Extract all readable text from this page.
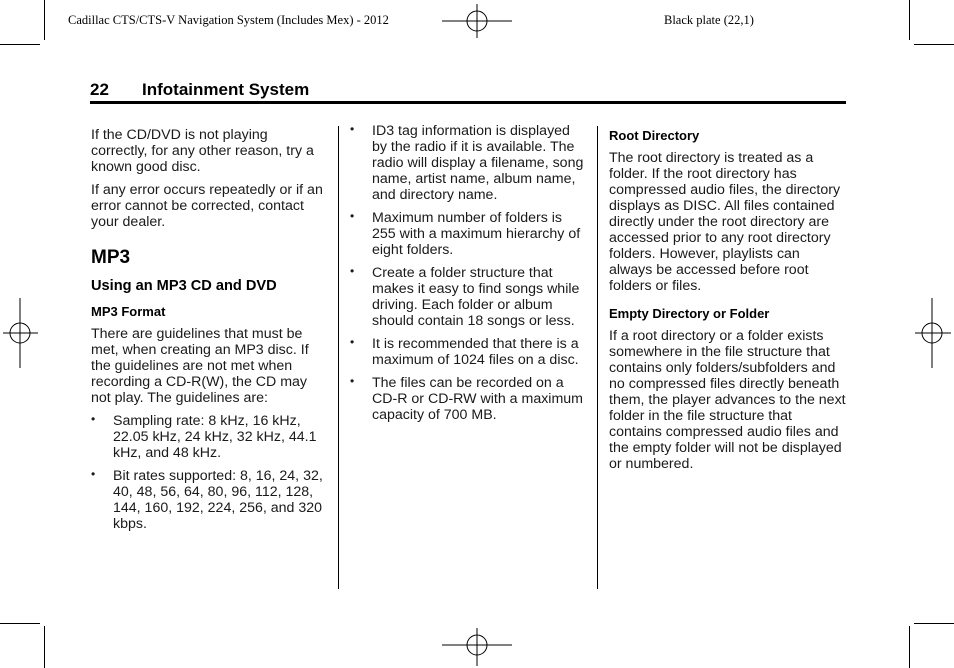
Cadillac CTS/CTS-V Navigation System (Includes Mex) - 2012	Black plate (22,1)
22 Infotainment System

If the CD/DVD is not playing correctly, for any other reason, try a known good disc.

If any error occurs repeatedly or if an error cannot be corrected, contact your dealer.

MP3
Using an MP3 CD and DVD
MP3 Format

There are guidelines that must be met, when creating an MP3 disc. If the guidelines are not met when recording a CD-R(W), the CD may not play. The guidelines are:

• Sampling rate: 8 kHz, 16 kHz, 22.05 kHz, 24 kHz, 32 kHz, 44.1 kHz, and 48 kHz.
• Bit rates supported: 8, 16, 24, 32, 40, 48, 56, 64, 80, 96, 112, 128, 144, 160, 192, 224, 256, and 320 kbps.
• ID3 tag information is displayed by the radio if it is available. The radio will display a filename, song name, artist name, album name, and directory name.
• Maximum number of folders is 255 with a maximum hierarchy of eight folders.
• Create a folder structure that makes it easy to find songs while driving. Each folder or album should contain 18 songs or less.
• It is recommended that there is a maximum of 1024 files on a disc.
• The files can be recorded on a CD-R or CD-RW with a maximum capacity of 700 MB.
Root Directory

The root directory is treated as a folder. If the root directory has compressed audio files, the directory displays as DISC. All files contained directly under the root directory are accessed prior to any root directory folders. However, playlists can always be accessed before root folders or files.

Empty Directory or Folder

If a root directory or a folder exists somewhere in the file structure that contains only folders/subfolders and no compressed files directly beneath them, the player advances to the next folder in the file structure that contains compressed audio files and the empty folder will not be displayed or numbered.
